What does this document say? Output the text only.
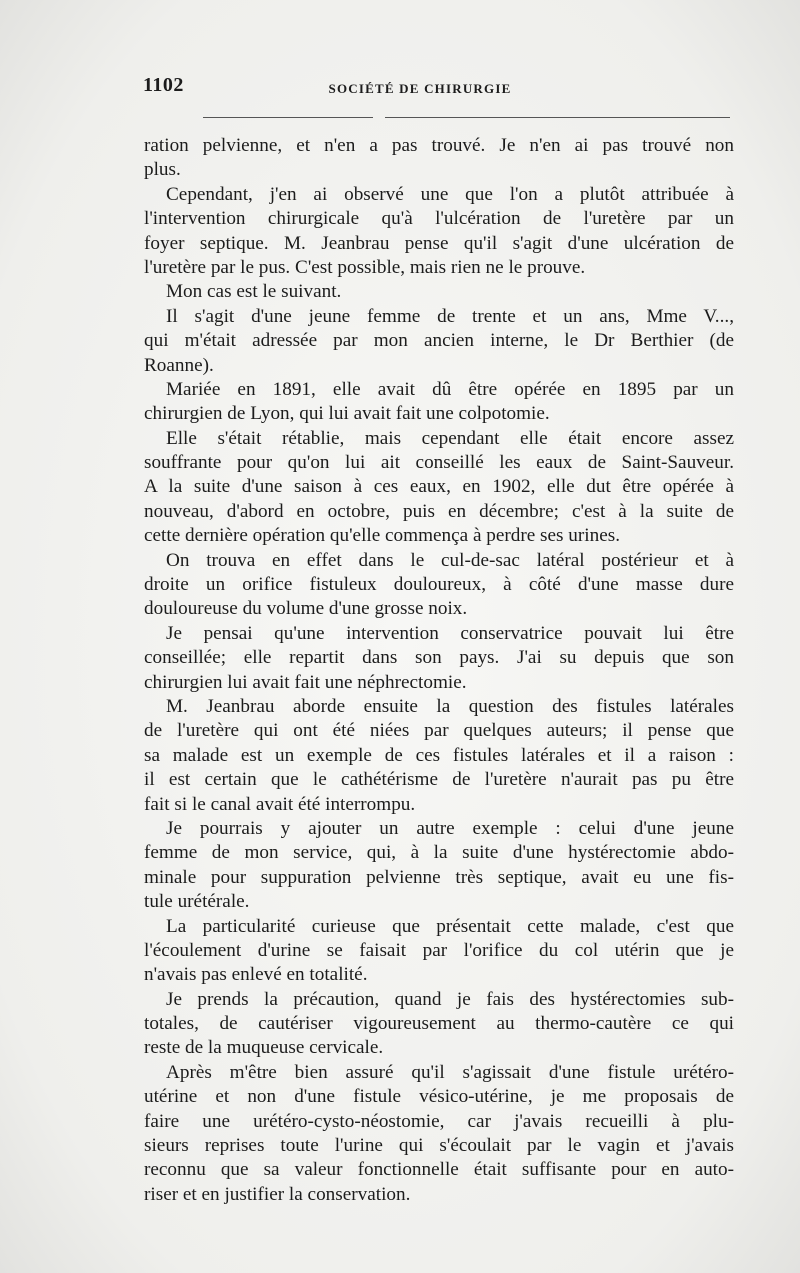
1102	SOCIÉTÉ DE CHIRURGIE
ration pelvienne, et n'en a pas trouvé. Je n'en ai pas trouvé non
plus.
Cependant, j'en ai observé une que l'on a plutôt attribuée à
l'intervention chirurgicale qu'à l'ulcération de l'uretère par un
foyer septique. M. Jeanbrau pense qu'il s'agit d'une ulcération de
l'uretère par le pus. C'est possible, mais rien ne le prouve.
Mon cas est le suivant.
Il s'agit d'une jeune femme de trente et un ans, Mme V...,
qui m'était adressée par mon ancien interne, le Dr Berthier (de
Roanne).
Mariée en 1891, elle avait dû être opérée en 1895 par un
chirurgien de Lyon, qui lui avait fait une colpotomie.
Elle s'était rétablie, mais cependant elle était encore assez
souffrante pour qu'on lui ait conseillé les eaux de Saint-Sauveur.
A la suite d'une saison à ces eaux, en 1902, elle dut être opérée à
nouveau, d'abord en octobre, puis en décembre; c'est à la suite de
cette dernière opération qu'elle commença à perdre ses urines.
On trouva en effet dans le cul-de-sac latéral postérieur et à
droite un orifice fistuleux douloureux, à côté d'une masse dure
douloureuse du volume d'une grosse noix.
Je pensai qu'une intervention conservatrice pouvait lui être
conseillée; elle repartit dans son pays. J'ai su depuis que son
chirurgien lui avait fait une néphrectomie.
M. Jeanbrau aborde ensuite la question des fistules latérales
de l'uretère qui ont été niées par quelques auteurs; il pense que
sa malade est un exemple de ces fistules latérales et il a raison :
il est certain que le cathétérisme de l'uretère n'aurait pas pu être
fait si le canal avait été interrompu.
Je pourrais y ajouter un autre exemple : celui d'une jeune
femme de mon service, qui, à la suite d'une hystérectomie abdo-
minale pour suppuration pelvienne très septique, avait eu une fis-
tule urétérale.
La particularité curieuse que présentait cette malade, c'est que
l'écoulement d'urine se faisait par l'orifice du col utérin que je
n'avais pas enlevé en totalité.
Je prends la précaution, quand je fais des hystérectomies sub-
totales, de cautériser vigoureusement au thermo-cautère ce qui
reste de la muqueuse cervicale.
Après m'être bien assuré qu'il s'agissait d'une fistule urétéro-
utérine et non d'une fistule vésico-utérine, je me proposais de
faire une urétéro-cysto-néostomie, car j'avais recueilli à plu-
sieurs reprises toute l'urine qui s'écoulait par le vagin et j'avais
reconnu que sa valeur fonctionnelle était suffisante pour en auto-
riser et en justifier la conservation.
